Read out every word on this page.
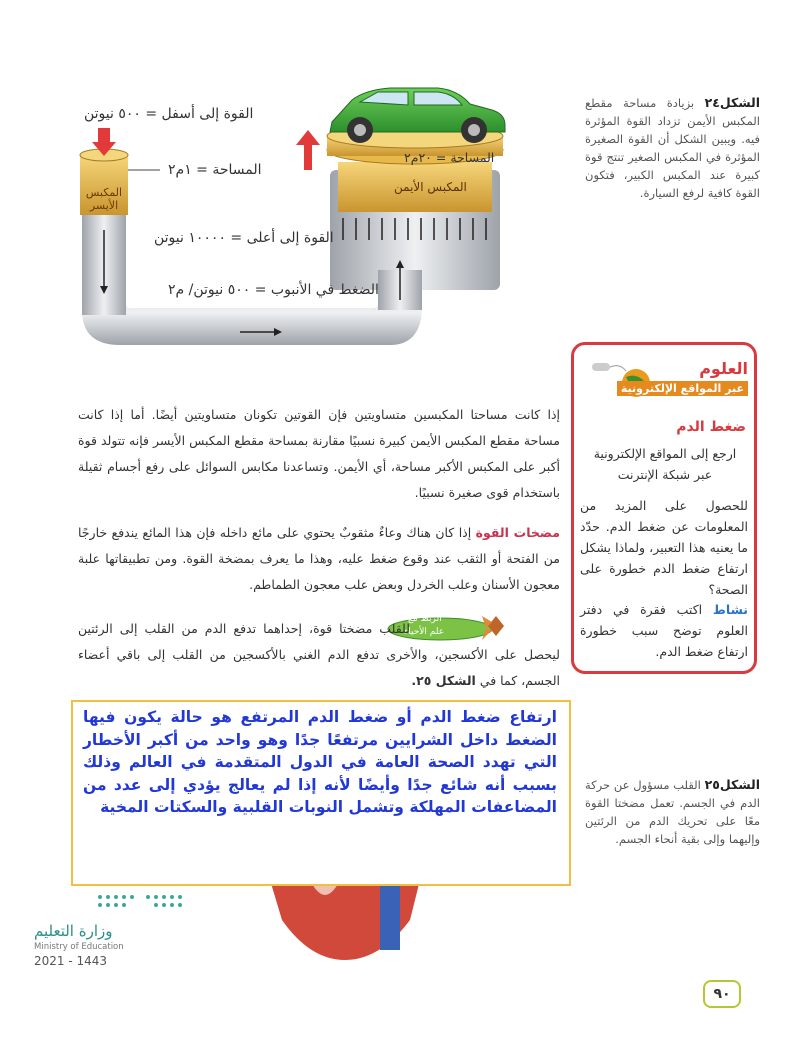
القوة إلى أسفل = ٥٠٠ نيوتن
المساحة = ١م٢
المكبس الأيسر
المساحة = ٢٠م٢
المكبس الأيمن
القوة إلى أعلى = ١٠٠٠٠ نيوتن
الضغط في الأنبوب = ٥٠٠ نيوتن/ م٢
الشكل٢٤ بزيادة مساحة مقطع المكبس الأيمن تزداد القوة المؤثرة فيه. ويبين الشكل أن القوة الصغيرة المؤثرة في المكبس الصغير تنتج قوة كبيرة عند المكبس الكبير، فتكون القوة كافية لرفع السيارة.
العلوم
عبر المواقع الإلكترونية
ضغط الدم
ارجع إلى المواقع الإلكترونية عبر شبكة الإنترنت
للحصول على المزيد من المعلومات عن ضغط الدم. حدّد ما يعنيه هذا التعبير، ولماذا يشكل ارتفاع ضغط الدم خطورة على الصحة؟
نشاط اكتب فقرة في دفتر العلوم توضح سبب خطورة ارتفاع ضغط الدم.
إذا كانت مساحتا المكبسين متساويتين فإن القوتين تكونان متساويتين أيضًا. أما إذا كانت مساحة مقطع المكبس الأيمن كبيرة نسبيًا مقارنة بمساحة مقطع المكبس الأيسر فإنه تتولد قوة أكبر على المكبس الأكبر مساحة، أي الأيمن. وتساعدنا مكابس السوائل على رفع أجسام ثقيلة باستخدام قوى صغيرة نسبيًا.
مضخات القوة إذا كان هناك وعاءٌ مثقوبٌ يحتوي على مائع داخله فإن هذا المائع يندفع خارجًا من الفتحة أو الثقب عند وقوع ضغط عليه، وهذا ما يعرف بمضخة القوة. ومن تطبيقاتها علبة معجون الأسنان وعلب الخردل وبعض علب معجون الطماطم.
الربط مع
علم الأحياء
للقلب مضختا قوة، إحداهما تدفع الدم من القلب إلى الرئتين ليحصل على الأكسجين، والأخرى تدفع الدم الغني بالأكسجين من القلب إلى باقي أعضاء الجسم، كما في الشكل ٢٥.
ارتفاع ضغط الدم أو ضغط الدم المرتفع هو حالة يكون فيها الضغط داخل الشرايين مرتفعًا جدًا وهو واحد من أكبر الأخطار التي تهدد الصحة العامة في الدول المتقدمة في العالم وذلك بسبب أنه شائع جدًا وأيضًا لأنه إذا لم يعالج يؤدي إلى عدد من المضاعفات المهلكة وتشمل النوبات القلبية والسكتات المخية
الشكل٢٥ القلب مسؤول عن حركة الدم في الجسم. تعمل مضختا القوة معًا على تحريك الدم من الرئتين وإليهما وإلى بقية أنحاء الجسم.
وزارة التعليم
Ministry of Education
2021 - 1443
٩٠
